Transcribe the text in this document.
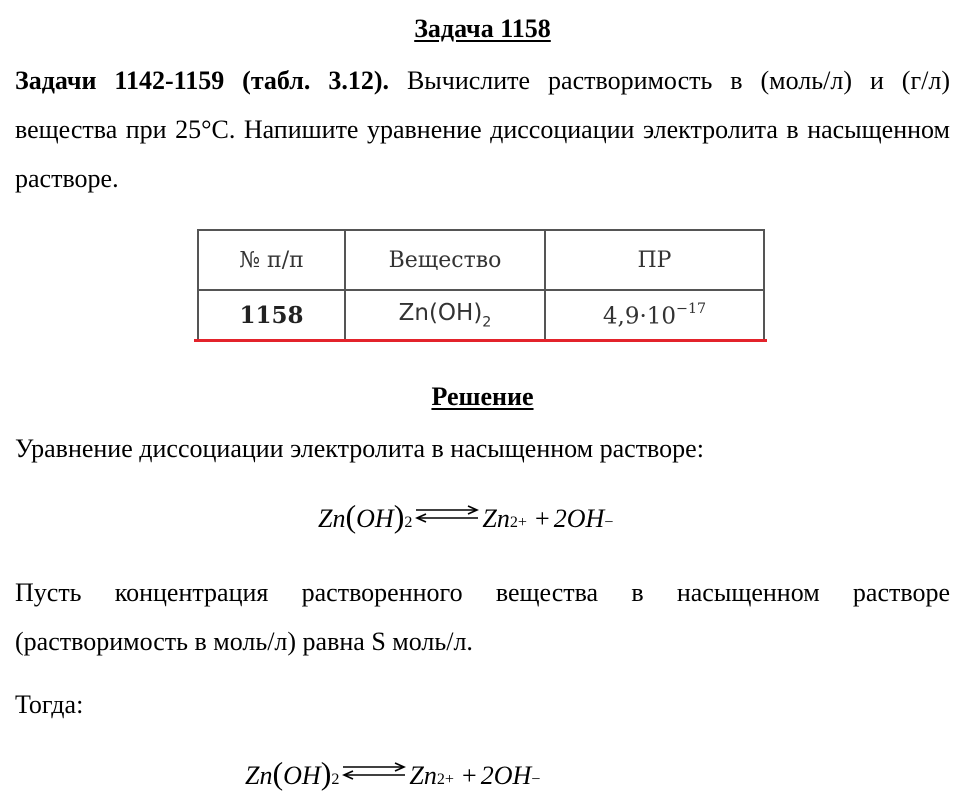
Задача 1158
Задачи 1142-1159 (табл. 3.12). Вычислите растворимость в (моль/л) и (г/л) вещества при 25°С. Напишите уравнение диссоциации электролита в насыщенном растворе.
№ п/п	Вещество	ПР
1158	$Zn(OH)_2$	$4,9\cdot 10^{-17}$
Решение
Уравнение диссоциации электролита в насыщенном растворе:
Zn ( OH )$_2$ ⇌ Zn 2+ + 2OH −
Пусть концентрация растворенного вещества в насыщенном растворе (растворимость в моль/л) равна S моль/л.
Тогда:
Zn ( OH )$_2$ ⇌ Zn 2+ + 2OH −
